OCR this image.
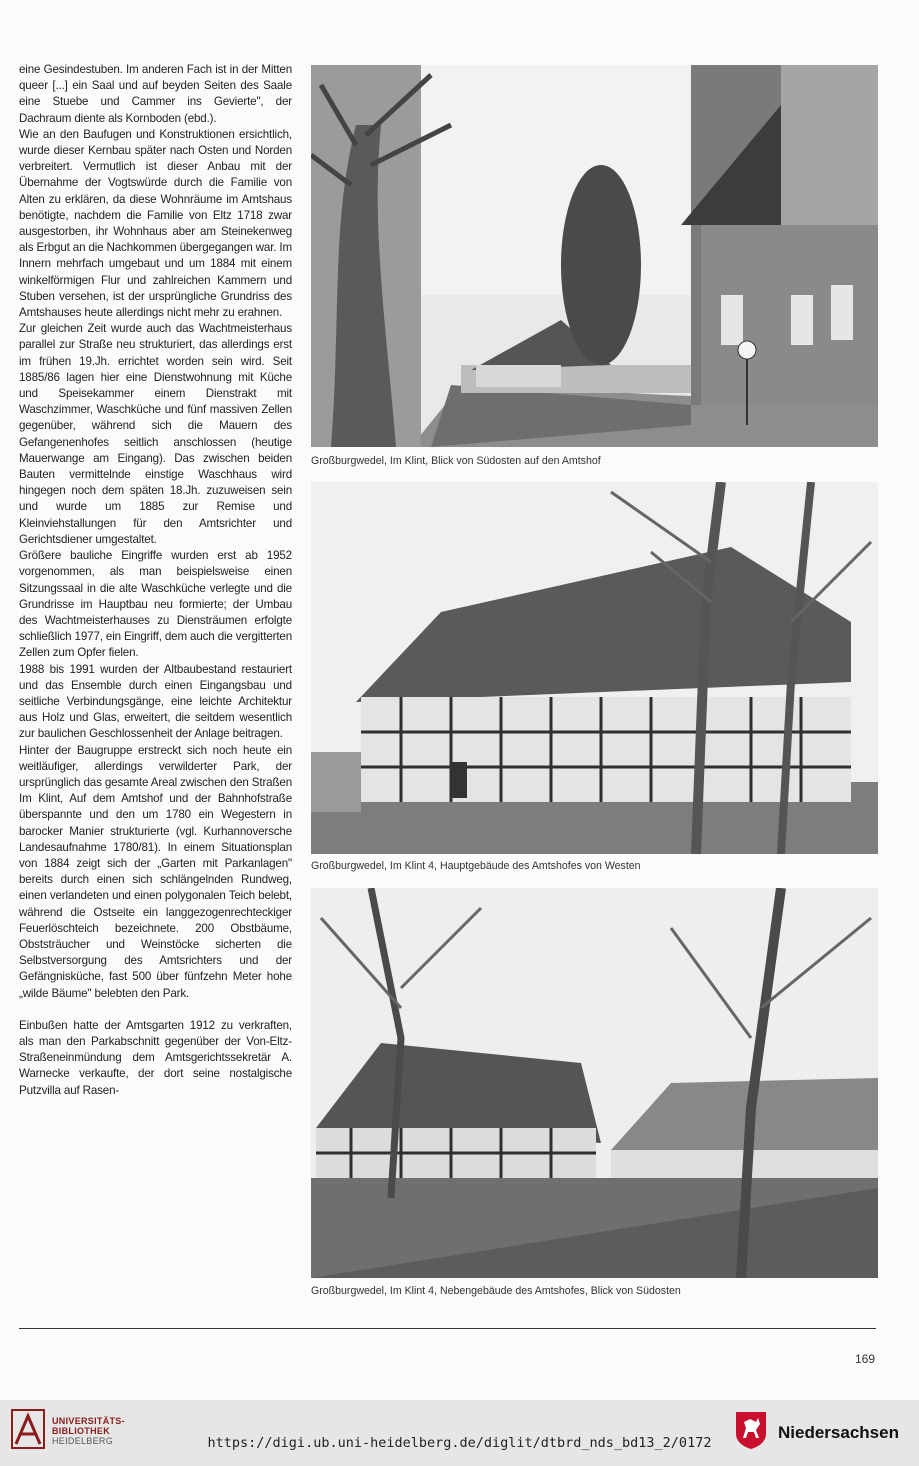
eine Gesindestuben. Im anderen Fach ist in der Mitten queer [...] ein Saal und auf beyden Seiten des Saale eine Stuebe und Cammer ins Gevierte", der Dachraum diente als Kornboden (ebd.).

Wie an den Baufugen und Konstruktionen ersichtlich, wurde dieser Kernbau später nach Osten und Norden verbreitert. Vermutlich ist dieser Anbau mit der Übernahme der Vogtswürde durch die Familie von Alten zu erklären, da diese Wohnräume im Amtshaus benötigte, nachdem die Familie von Eltz 1718 zwar ausgestorben, ihr Wohnhaus aber am Steinekenweg als Erbgut an die Nachkommen übergegangen war. Im Innern mehrfach umgebaut und um 1884 mit einem winkelförmigen Flur und zahlreichen Kammern und Stuben versehen, ist der ursprüngliche Grundriss des Amtshauses heute allerdings nicht mehr zu erahnen.

Zur gleichen Zeit wurde auch das Wachtmeisterhaus parallel zur Straße neu strukturiert, das allerdings erst im frühen 19.Jh. errichtet worden sein wird. Seit 1885/86 lagen hier eine Dienstwohnung mit Küche und Speisekammer einem Dienstrakt mit Waschzimmer, Waschküche und fünf massiven Zellen gegenüber, während sich die Mauern des Gefangenenhofes seitlich anschlossen (heutige Mauerwange am Eingang). Das zwischen beiden Bauten vermittelnde einstige Waschhaus wird hingegen noch dem späten 18.Jh. zuzuweisen sein und wurde um 1885 zur Remise und Kleinviehstallungen für den Amtsrichter und Gerichtsdiener umgestaltet.

Größere bauliche Eingriffe wurden erst ab 1952 vorgenommen, als man beispielsweise einen Sitzungssaal in die alte Waschküche verlegte und die Grundrisse im Hauptbau neu formierte; der Umbau des Wachtmeisterhauses zu Diensträumen erfolgte schließlich 1977, ein Eingriff, dem auch die vergitterten Zellen zum Opfer fielen.

1988 bis 1991 wurden der Altbaubestand restauriert und das Ensemble durch einen Eingangsbau und seitliche Verbindungsgänge, eine leichte Architektur aus Holz und Glas, erweitert, die seitdem wesentlich zur baulichen Geschlossenheit der Anlage beitragen.

Hinter der Baugruppe erstreckt sich noch heute ein weitläufiger, allerdings verwilderter Park, der ursprünglich das gesamte Areal zwischen den Straßen Im Klint, Auf dem Amtshof und der Bahnhofstraße überspannte und den um 1780 ein Wegestern in barocker Manier strukturierte (vgl. Kurhannoversche Landesaufnahme 1780/81). In einem Situationsplan von 1884 zeigt sich der „Garten mit Parkanlagen" bereits durch einen sich schlängelnden Rundweg, einen verlandeten und einen polygonalen Teich belebt, während die Ostseite ein langgezogenrechteckiger Feuerlöschteich bezeichnete. 200 Obstbäume, Obststräucher und Weinstöcke sicherten die Selbstversorgung des Amtsrichters und der Gefängnisküche, fast 500 über fünfzehn Meter hohe „wilde Bäume" belebten den Park.

Einbußen hatte der Amtsgarten 1912 zu verkraften, als man den Parkabschnitt gegenüber der Von-Eltz-Straßeneinmündung dem Amtsgerichtssekretär A. Warnecke verkaufte, der dort seine nostalgische Putzvilla auf Rasen-

Großburgwedel, Im Klint, Blick von Südosten auf den Amtshof
Großburgwedel, Im Klint 4, Hauptgebäude des Amtshofes von Westen
Großburgwedel, Im Klint 4, Nebengebäude des Amtshofes, Blick von Südosten
169
UNIVERSITÄTS-
BIBLIOTHEK
HEIDELBERG	https://digi.ub.uni-heidelberg.de/diglit/dtbrd_nds_bd13_2/0172
Niedersachsen
